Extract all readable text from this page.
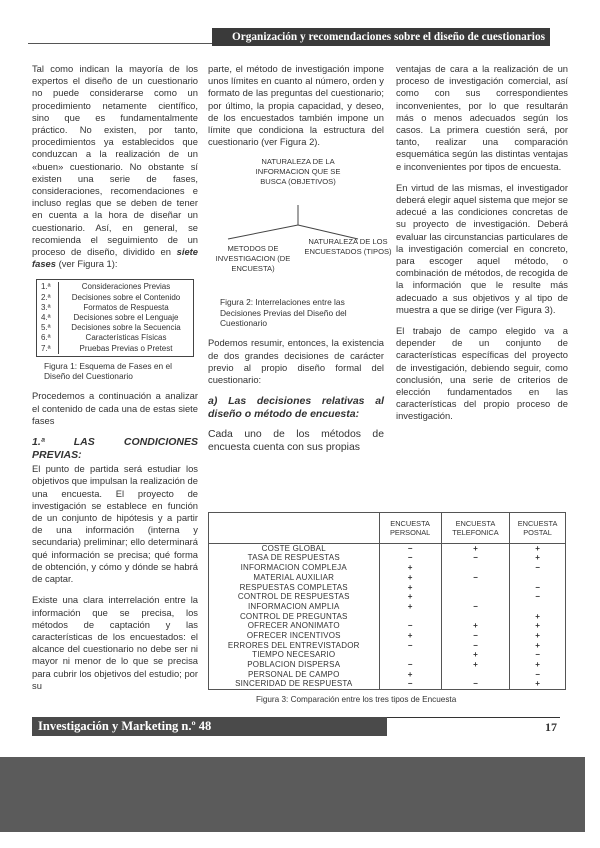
Organización y recomendaciones sobre el diseño de cuestionarios

Tal como indican la mayoría de los expertos el diseño de un cuestionario no puede considerarse como un procedimiento netamente científico, sino que es fundamentalmente práctico. No existen, por tanto, procedimientos ya establecidos que conduzcan a la realización de un «buen» cuestionario. No obstante sí existen una serie de fases, consideraciones, recomendaciones e incluso reglas que se deben de tener en cuenta a la hora de diseñar un cuestionario. Así, en general, se recomienda el seguimiento de un proceso de diseño, dividido en siete fases (ver Figura 1):

1.ª	Consideraciones Previas
2.ª	Decisiones sobre el Contenido
3.ª	Formatos de Respuesta
4.ª	Decisiones sobre el Lenguaje
5.ª	Decisiones sobre la Secuencia
6.ª	Características Físicas
7.ª	Pruebas Previas o Pretest
Figura 1: Esquema de Fases en el Diseño del Cuestionario

Procedemos a continuación a analizar el contenido de cada una de estas siete fases

1.ª LAS CONDICIONES PREVIAS:

El punto de partida será estudiar los objetivos que impulsan la realización de una encuesta. El proyecto de investigación se establece en función de un conjunto de hipótesis y a partir de una información (interna y secundaria) preliminar; ello determinará qué información se precisa; qué forma de obtención, y cómo y dónde se habrá de captar.

Existe una clara interrelación entre la información que se precisa, los métodos de captación y las características de los encuestados: el alcance del cuestionario no debe ser ni mayor ni menor de lo que se precisa para cubrir los objetivos del estudio; por su

parte, el método de investigación impone unos límites en cuanto al número, orden y formato de las preguntas del cuestionario; por último, la propia capacidad, y deseo, de los encuestados también impone un límite que condiciona la estructura del cuestionario (ver Figura 2).

NATURALEZA DE LA INFORMACION QUE SE BUSCA (OBJETIVOS)
METODOS DE INVESTIGACION (DE ENCUESTA)
NATURALEZA DE LOS ENCUESTADOS (TIPOS)
Figura 2: Interrelaciones entre las Decisiones Previas del Diseño del Cuestionario

Podemos resumir, entonces, la existencia de dos grandes decisiones de carácter previo al propio diseño formal del cuestionario:

a) Las decisiones relativas al diseño o método de encuesta:

Cada uno de los métodos de encuesta cuenta con sus propias

ventajas de cara a la realización de un proceso de investigación comercial, así como con sus correspondientes inconvenientes, por lo que resultarán más o menos adecuados según los casos. La primera cuestión será, por tanto, realizar una comparación esquemática según las distintas ventajas e inconvenientes por tipos de encuesta.

En virtud de las mismas, el investigador deberá elegir aquel sistema que mejor se adecué a las condiciones concretas de su proyecto de investigación. Deberá evaluar las circunstancias particulares de la investigación comercial en concreto, para escoger aquel método, o combinación de métodos, de recogida de la información que le resulte más adecuado a sus objetivos y al tipo de muestra a que se dirige (ver Figura 3).

El trabajo de campo elegido va a depender de un conjunto de características específicas del proyecto de investigación, debiendo seguir, como conclusión, una serie de criterios de elección fundamentados en las características del propio proceso de investigación.

	ENCUESTA PERSONAL	ENCUESTA TELEFONICA	ENCUESTA POSTAL
COSTE GLOBAL	−	+	+
TASA DE RESPUESTAS	−	−	+
INFORMACION COMPLEJA	+		−
MATERIAL AUXILIAR	+	−	
RESPUESTAS COMPLETAS	+		−
CONTROL DE RESPUESTAS	+		−
INFORMACION AMPLIA	+	−	
CONTROL DE PREGUNTAS			+
OFRECER ANONIMATO	−	+	+
OFRECER INCENTIVOS	+	−	+
ERRORES DEL ENTREVISTADOR	−	−	+
TIEMPO NECESARIO		+	−
POBLACION DISPERSA	−	+	+
PERSONAL DE CAMPO	+		−
SINCERIDAD DE RESPUESTA	−	−	+
Figura 3: Comparación entre los tres tipos de Encuesta
Investigación y Marketing n.º 48	17
